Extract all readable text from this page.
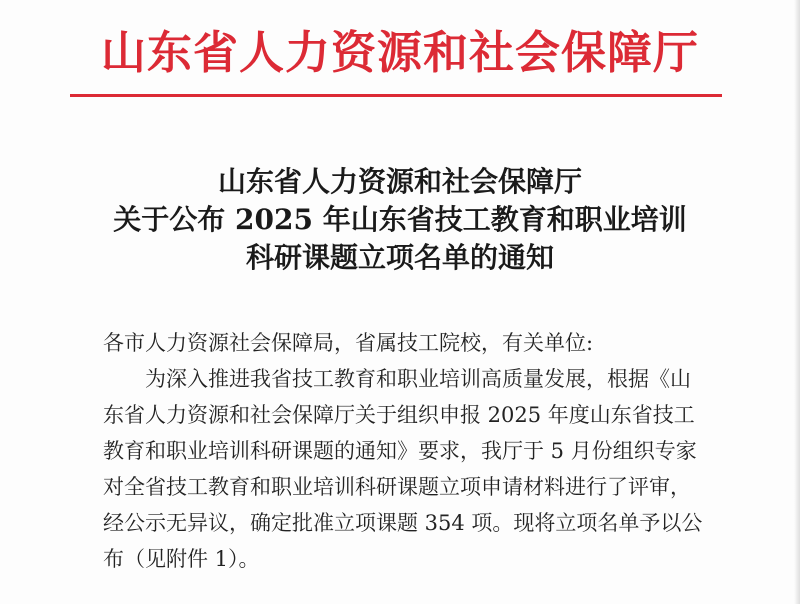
山东省人力资源和社会保障厅
山东省人力资源和社会保障厅
关于公布 2025 年山东省技工教育和职业培训
科研课题立项名单的通知
各市人力资源社会保障局，省属技工院校，有关单位:
为深入推进我省技工教育和职业培训高质量发展，根据《山
东省人力资源和社会保障厅关于组织申报 2025 年度山东省技工
教育和职业培训科研课题的通知》要求，我厅于 5 月份组织专家
对全省技工教育和职业培训科研课题立项申请材料进行了评审，
经公示无异议，确定批准立项课题 354 项。现将立项名单予以公
布（见附件 1）。
